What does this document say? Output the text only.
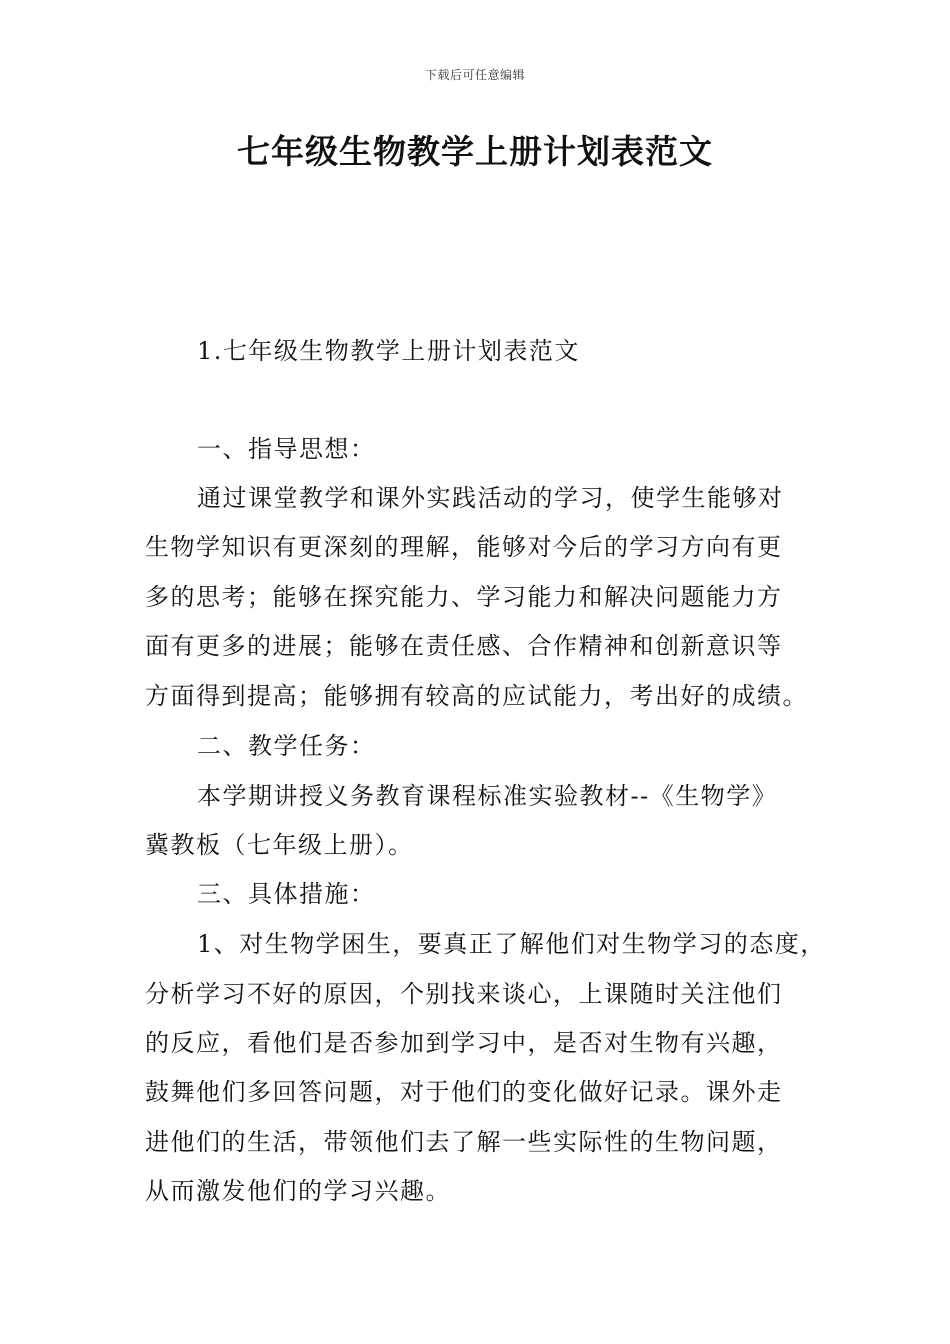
下载后可任意编辑
七年级生物教学上册计划表范文
1.七年级生物教学上册计划表范文
一、指导思想：
通过课堂教学和课外实践活动的学习，使学生能够对
生物学知识有更深刻的理解，能够对今后的学习方向有更
多的思考；能够在探究能力、学习能力和解决问题能力方
面有更多的进展；能够在责任感、合作精神和创新意识等
方面得到提高；能够拥有较高的应试能力，考出好的成绩。
二、教学任务：
本学期讲授义务教育课程标准实验教材--《生物学》
冀教板（七年级上册）。
三、具体措施：
1、对生物学困生，要真正了解他们对生物学习的态度，
分析学习不好的原因，个别找来谈心，上课随时关注他们
的反应，看他们是否参加到学习中，是否对生物有兴趣，
鼓舞他们多回答问题，对于他们的变化做好记录。课外走
进他们的生活，带领他们去了解一些实际性的生物问题，
从而激发他们的学习兴趣。
